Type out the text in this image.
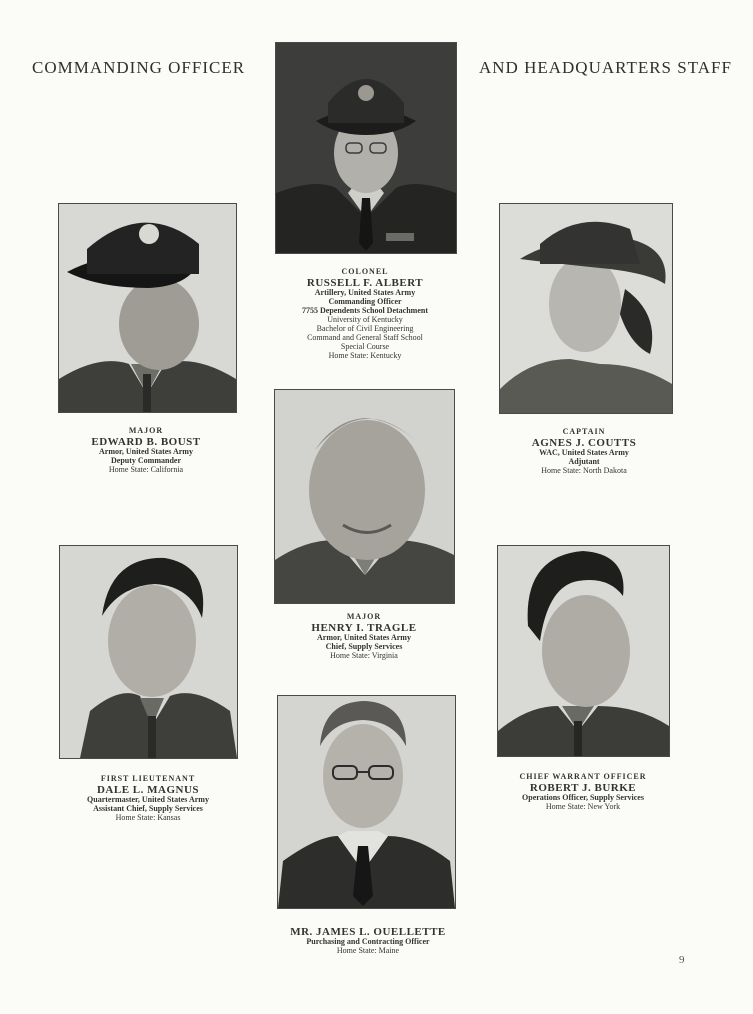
COMMANDING OFFICER	AND HEADQUARTERS STAFF
COLONEL
RUSSELL F. ALBERT
Artillery, United States Army
Commanding Officer
7755 Dependents School Detachment
University of Kentucky
Bachelor of Civil Engineering
Command and General Staff School
Special Course
Home State: Kentucky
MAJOR
EDWARD B. BOUST
Armor, United States Army
Deputy Commander
Home State: California
CAPTAIN
AGNES J. COUTTS
WAC, United States Army
Adjutant
Home State: North Dakota
MAJOR
HENRY I. TRAGLE
Armor, United States Army
Chief, Supply Services
Home State: Virginia
FIRST LIEUTENANT
DALE L. MAGNUS
Quartermaster, United States Army
Assistant Chief, Supply Services
Home State: Kansas
CHIEF WARRANT OFFICER
ROBERT J. BURKE
Operations Officer, Supply Services
Home State: New York
MR. JAMES L. OUELLETTE
Purchasing and Contracting Officer
Home State: Maine
9
